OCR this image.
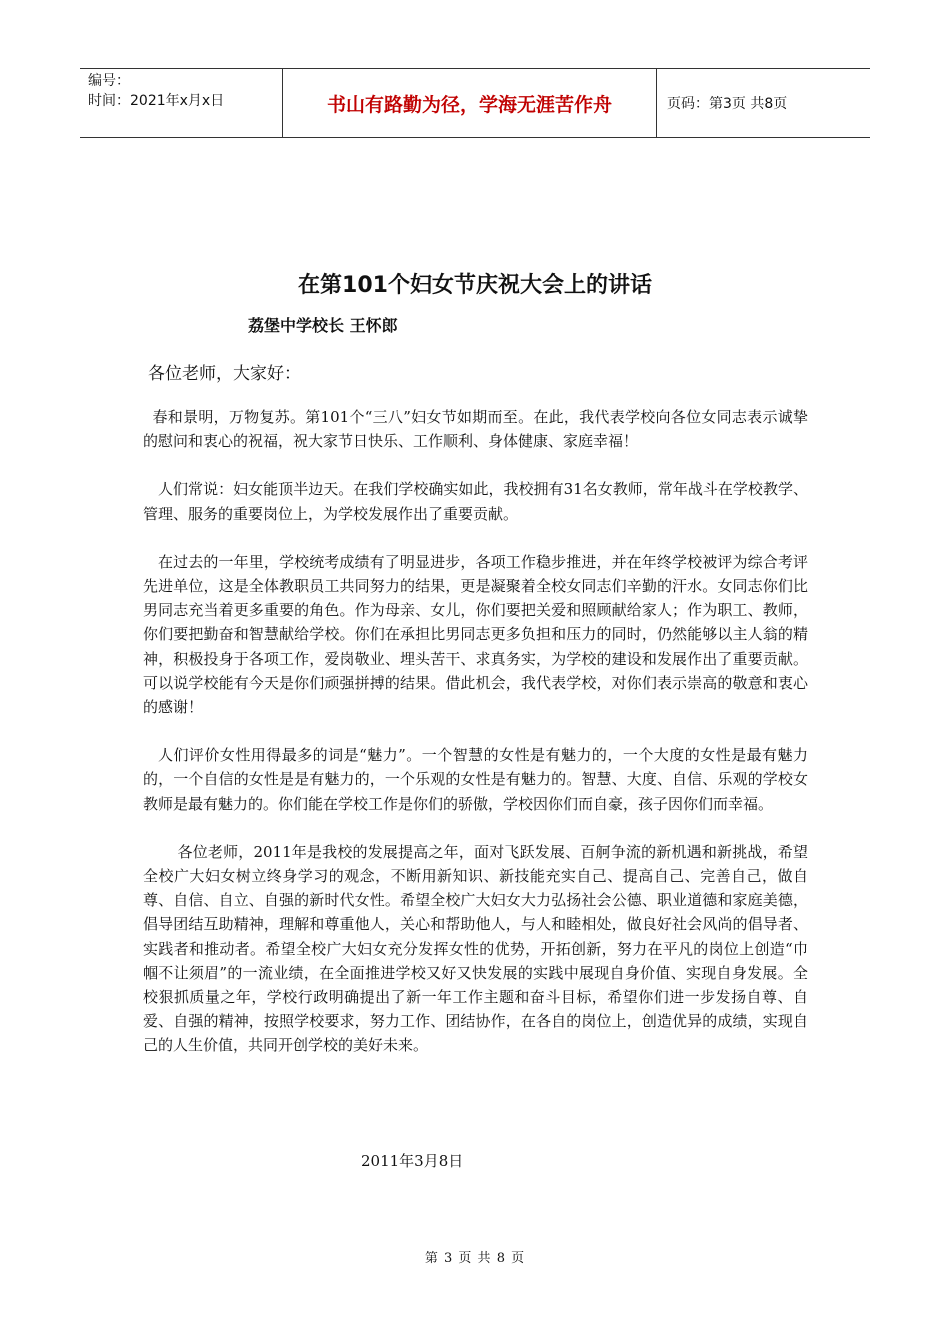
编号：
时间：2021年x月x日	书山有路勤为径，学海无涯苦作舟	页码：第3页 共8页
在第101个妇女节庆祝大会上的讲话
荔堡中学校长 王怀郎
各位老师，大家好：

春和景明，万物复苏。第101个“三八”妇女节如期而至。在此，我代表学校向各位女同志表示诚挚的慰问和衷心的祝福，祝大家节日快乐、工作顺利、身体健康、家庭幸福！

人们常说：妇女能顶半边天。在我们学校确实如此，我校拥有31名女教师，常年战斗在学校教学、管理、服务的重要岗位上，为学校发展作出了重要贡献。

在过去的一年里，学校统考成绩有了明显进步，各项工作稳步推进，并在年终学校被评为综合考评先进单位，这是全体教职员工共同努力的结果，更是凝聚着全校女同志们辛勤的汗水。女同志你们比男同志充当着更多重要的角色。作为母亲、女儿，你们要把关爱和照顾献给家人；作为职工、教师，你们要把勤奋和智慧献给学校。你们在承担比男同志更多负担和压力的同时，仍然能够以主人翁的精神，积极投身于各项工作，爱岗敬业、埋头苦干、求真务实，为学校的建设和发展作出了重要贡献。可以说学校能有今天是你们顽强拼搏的结果。借此机会，我代表学校，对你们表示崇高的敬意和衷心的感谢！

人们评价女性用得最多的词是“魅力”。一个智慧的女性是有魅力的，一个大度的女性是最有魅力的，一个自信的女性是是有魅力的，一个乐观的女性是有魅力的。智慧、大度、自信、乐观的学校女教师是最有魅力的。你们能在学校工作是你们的骄傲，学校因你们而自豪，孩子因你们而幸福。

各位老师，2011年是我校的发展提高之年，面对飞跃发展、百舸争流的新机遇和新挑战，希望全校广大妇女树立终身学习的观念，不断用新知识、新技能充实自己、提高自己、完善自己，做自尊、自信、自立、自强的新时代女性。希望全校广大妇女大力弘扬社会公德、职业道德和家庭美德，倡导团结互助精神，理解和尊重他人，关心和帮助他人，与人和睦相处，做良好社会风尚的倡导者、实践者和推动者。希望全校广大妇女充分发挥女性的优势，开拓创新，努力在平凡的岗位上创造“巾帼不让须眉”的一流业绩，在全面推进学校又好又快发展的实践中展现自身价值、实现自身发展。全校狠抓质量之年，学校行政明确提出了新一年工作主题和奋斗目标，希望你们进一步发扬自尊、自爱、自强的精神，按照学校要求，努力工作、团结协作，在各自的岗位上，创造优异的成绩，实现自己的人生价值，共同开创学校的美好未来。

2011年3月8日
第 3 页 共 8 页
